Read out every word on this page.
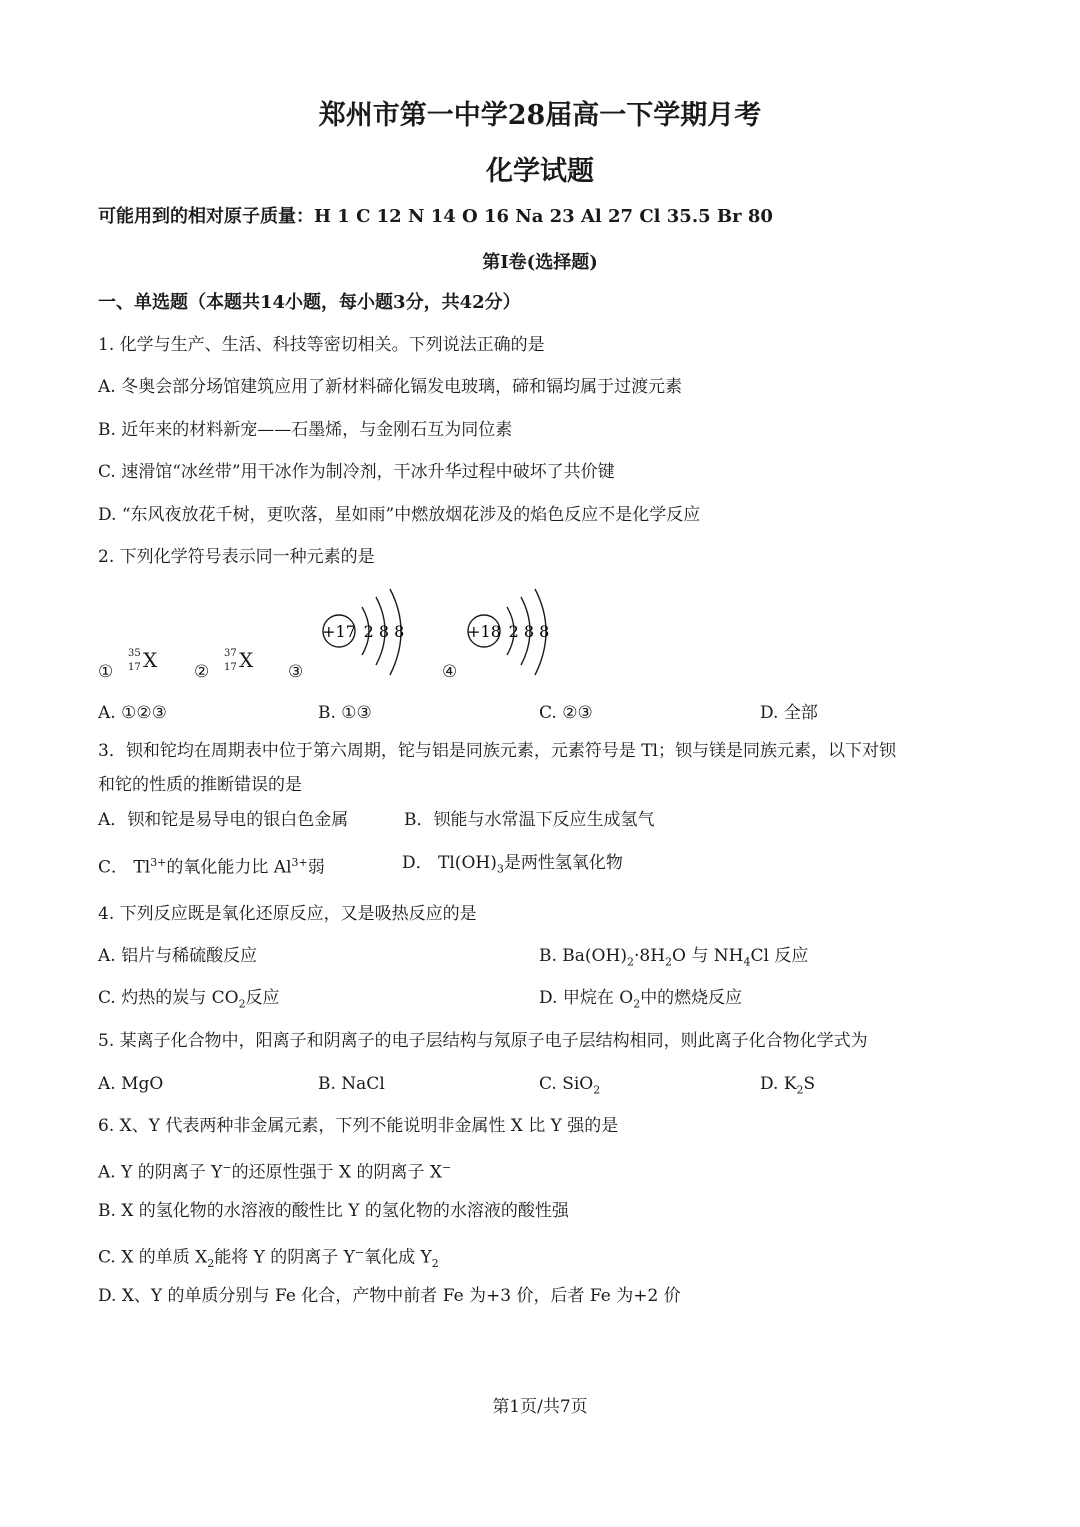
郑州市第一中学28届高一下学期月考
化学试题
可能用到的相对原子质量：H 1 C 12 N 14 O 16 Na 23 Al 27 Cl 35.5 Br 80
第I卷(选择题)
一、单选题（本题共14小题，每小题3分，共42分）
1. 化学与生产、生活、科技等密切相关。下列说法正确的是
A. 冬奥会部分场馆建筑应用了新材料碲化镉发电玻璃，碲和镉均属于过渡元素
B. 近年来的材料新宠——石墨烯，与金刚石互为同位素
C. 速滑馆“冰丝带”用干冰作为制冷剂，干冰升华过程中破坏了共价键
D. “东风夜放花千树，更吹落，星如雨”中燃放烟花涉及的焰色反应不是化学反应
2. 下列化学符号表示同一种元素的是
①
35
17 X ②
37
17 X ③
+17 2 8 8
④
+18 2 8 8
A. ①②③	B. ①③	C. ②③	D. 全部
3．钡和铊均在周期表中位于第六周期，铊与铝是同族元素，元素符号是 Tl；钡与镁是同族元素，以下对钡
和铊的性质的推断错误的是
A．钡和铊是易导电的银白色金属	B．钡能与水常温下反应生成氢气
C． $Tl^{3+}$的氧化能力比 $Al^{3+}$弱	D． $Tl(OH)_3$是两性氢氧化物
4. 下列反应既是氧化还原反应，又是吸热反应的是
A. 铝片与稀硫酸反应	B. $Ba(OH)_2\cdot 8H_2O$ 与 $NH_4Cl$ 反应
C. 灼热的炭与 $CO_2$反应	D. 甲烷在 $O_2$中的燃烧反应
5. 某离子化合物中，阳离子和阴离子的电子层结构与氖原子电子层结构相同，则此离子化合物化学式为
A. MgO	B. NaCl	C. SiO$_2$	D. $K_2S$
6. X、Y 代表两种非金属元素，下列不能说明非金属性 X 比 Y 强的是
A. Y 的阴离子 Y−的还原性强于 X 的阴离子 X−
B. X 的氢化物的水溶液的酸性比 Y 的氢化物的水溶液的酸性强
C. X 的单质 $X_2$能将 Y 的阴离子 Y−氧化成 $Y_2$
D. X、Y 的单质分别与 Fe 化合，产物中前者 Fe 为+3 价，后者 Fe 为+2 价
第1页/共7页
